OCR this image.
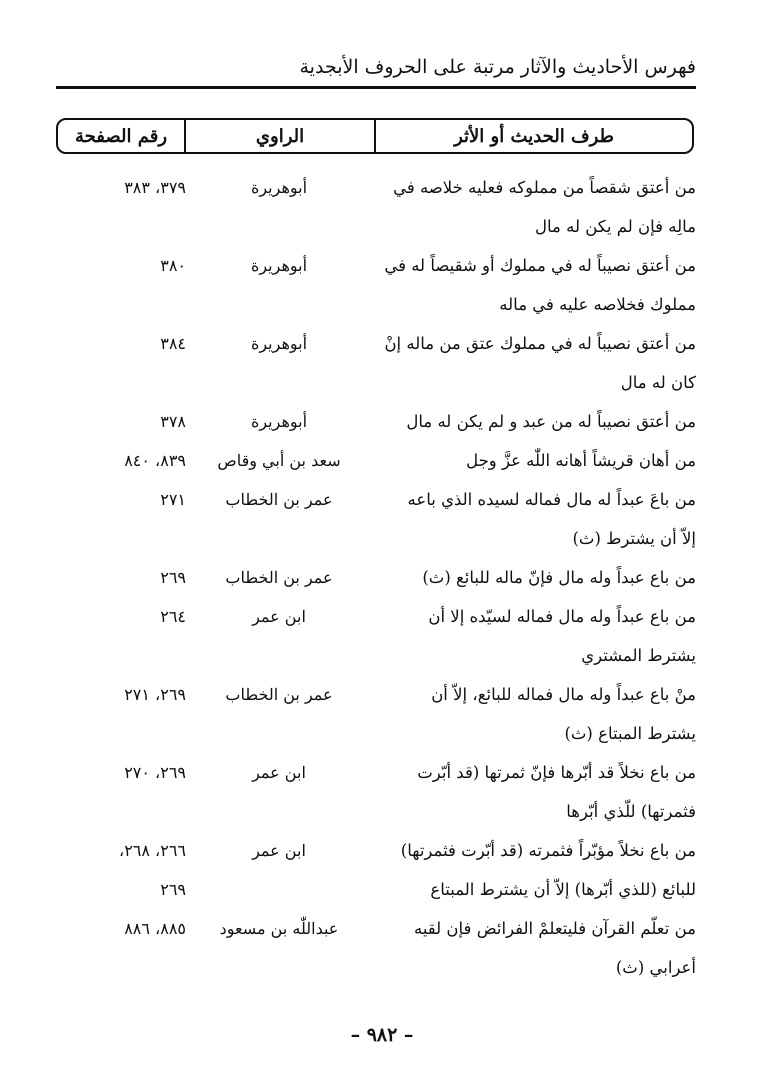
فهرس الأحاديث والآثار مرتبة على الحروف الأبجدية
طرف الحديث أو الأثر
الراوي
رقم الصفحة
من أعتق شقصاً من مملوكه فعليه خلاصه في
أبوهريرة
٣٧٩، ٣٨٣
مالِه فإن لم يكن له مال
من أعتق نصيباً له في مملوك أو شقيصاً له في
أبوهريرة
٣٨٠
مملوك فخلاصه عليه في ماله
من أعتق نصيباً له في مملوك عتق من ماله إنْ
أبوهريرة
٣٨٤
كان له مال
من أعتق نصيباً له من عبد و لم يكن له مال
أبوهريرة
٣٧٨
من أهان قريشاً أهانه اللّٰه عزَّ وجل
سعد بن أبي وقاص
٨٣٩، ٨٤٠
من باعَ عبداً له مال فماله لسيده الذي باعه
عمر بن الخطاب
٢٧١
إلاّ أن يشترط (ث)
من باع عبداً وله مال فإنّ ماله للبائع (ث)
عمر بن الخطاب
٢٦٩
من باع عبداً وله مال فماله لسيّده إلا أن
ابن عمر
٢٦٤
يشترط المشتري
منْ باع عبداً وله مال فماله للبائع، إلاّ أن
عمر بن الخطاب
٢٦٩، ٢٧١
يشترط المبتاع (ث)
من باع نخلاً قد أبّرها فإنّ ثمرتها (قد أبّرت
ابن عمر
٢٦٩، ٢٧٠
فثمرتها) للّذي أبّرها
من باع نخلاً مؤبّراً فثمرته (قد أبّرت فثمرتها)
ابن عمر
٢٦٦، ٢٦٨،
للبائع (للذي أبّرها) إلاّ أن يشترط المبتاع
٢٦٩
من تعلّم القرآن فليتعلمْ الفرائض فإن لقيه
عبداللّٰه بن مسعود
٨٨٥، ٨٨٦
أعرابي (ث)
– ٩٨٢ –
